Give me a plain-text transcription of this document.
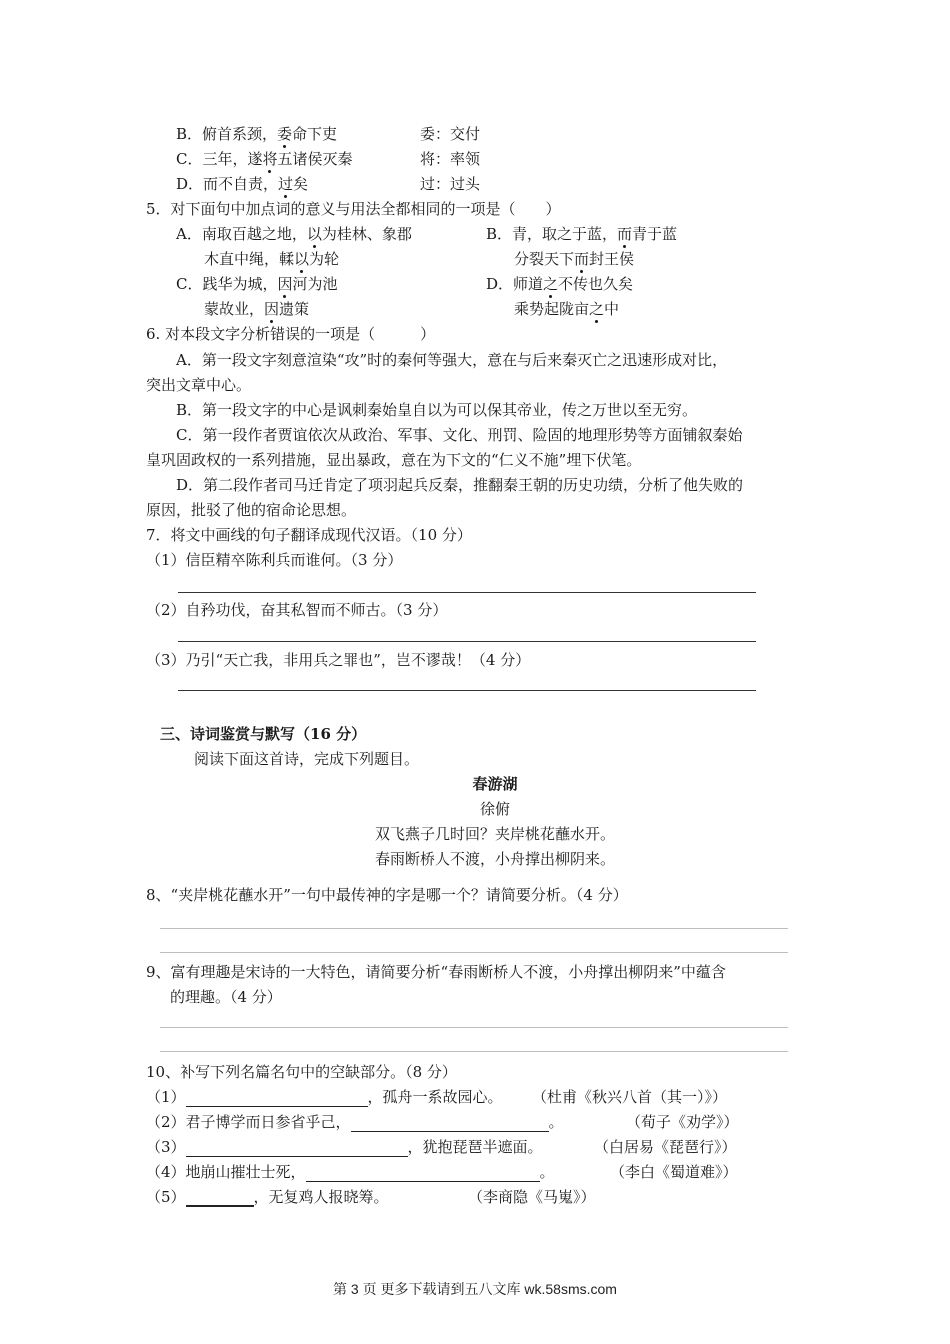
B．俯首系颈，委命下吏	委：交付
C．三年，遂将五诸侯灭秦	将：率领
D．而不自责，过矣	过：过头
5．对下面句中加点词的意义与用法全都相同的一项是（　　）
A．南取百越之地，以为桂林、象郡	B．青，取之于蓝，而青于蓝
木直中绳，輮以为轮	分裂天下而封王侯
C．践华为城，因河为池	D．师道之不传也久矣
蒙故业，因遗策	乘势起陇亩之中
6. 对本段文字分析错误的一项是（　　　）
A．第一段文字刻意渲染“攻”时的秦何等强大，意在与后来秦灭亡之迅速形成对比，
突出文章中心。
B．第一段文字的中心是讽刺秦始皇自以为可以保其帝业，传之万世以至无穷。
C．第一段作者贾谊依次从政治、军事、文化、刑罚、险固的地理形势等方面铺叙秦始
皇巩固政权的一系列措施，显出暴政，意在为下文的“仁义不施”埋下伏笔。
D．第二段作者司马迁肯定了项羽起兵反秦，推翻秦王朝的历史功绩，分析了他失败的
原因，批驳了他的宿命论思想。
7．将文中画线的句子翻译成现代汉语。（10 分）
（1）信臣精卒陈利兵而谁何。（3 分）
（2）自矜功伐，奋其私智而不师古。（3 分）
（3）乃引“天亡我，非用兵之罪也”，岂不谬哉！（4 分）
三、诗词鉴赏与默写（16 分）
阅读下面这首诗，完成下列题目。
春游湖
徐俯
双飞燕子几时回？夹岸桃花蘸水开。
春雨断桥人不渡，小舟撑出柳阴来。
8、“夹岸桃花蘸水开”一句中最传神的字是哪一个？请简要分析。（4 分）
9、富有理趣是宋诗的一大特色，请简要分析“春雨断桥人不渡，小舟撑出柳阴来”中蕴含
的理趣。（4 分）
10、补写下列名篇名句中的空缺部分。（8 分）
（1）	，孤舟一系故园心。 （杜甫《秋兴八首（其一）》）
（2）君子博学而日参省乎己，	。	（荀子《劝学》）
（3）	，犹抱琵琶半遮面。	（白居易《琵琶行》）
（4）地崩山摧壮士死，	。	（李白《蜀道难》）
（5）	，无复鸡人报晓筹。	（李商隐《马嵬》）
第 3 页 更多下载请到五八文库 wk.58sms.com
